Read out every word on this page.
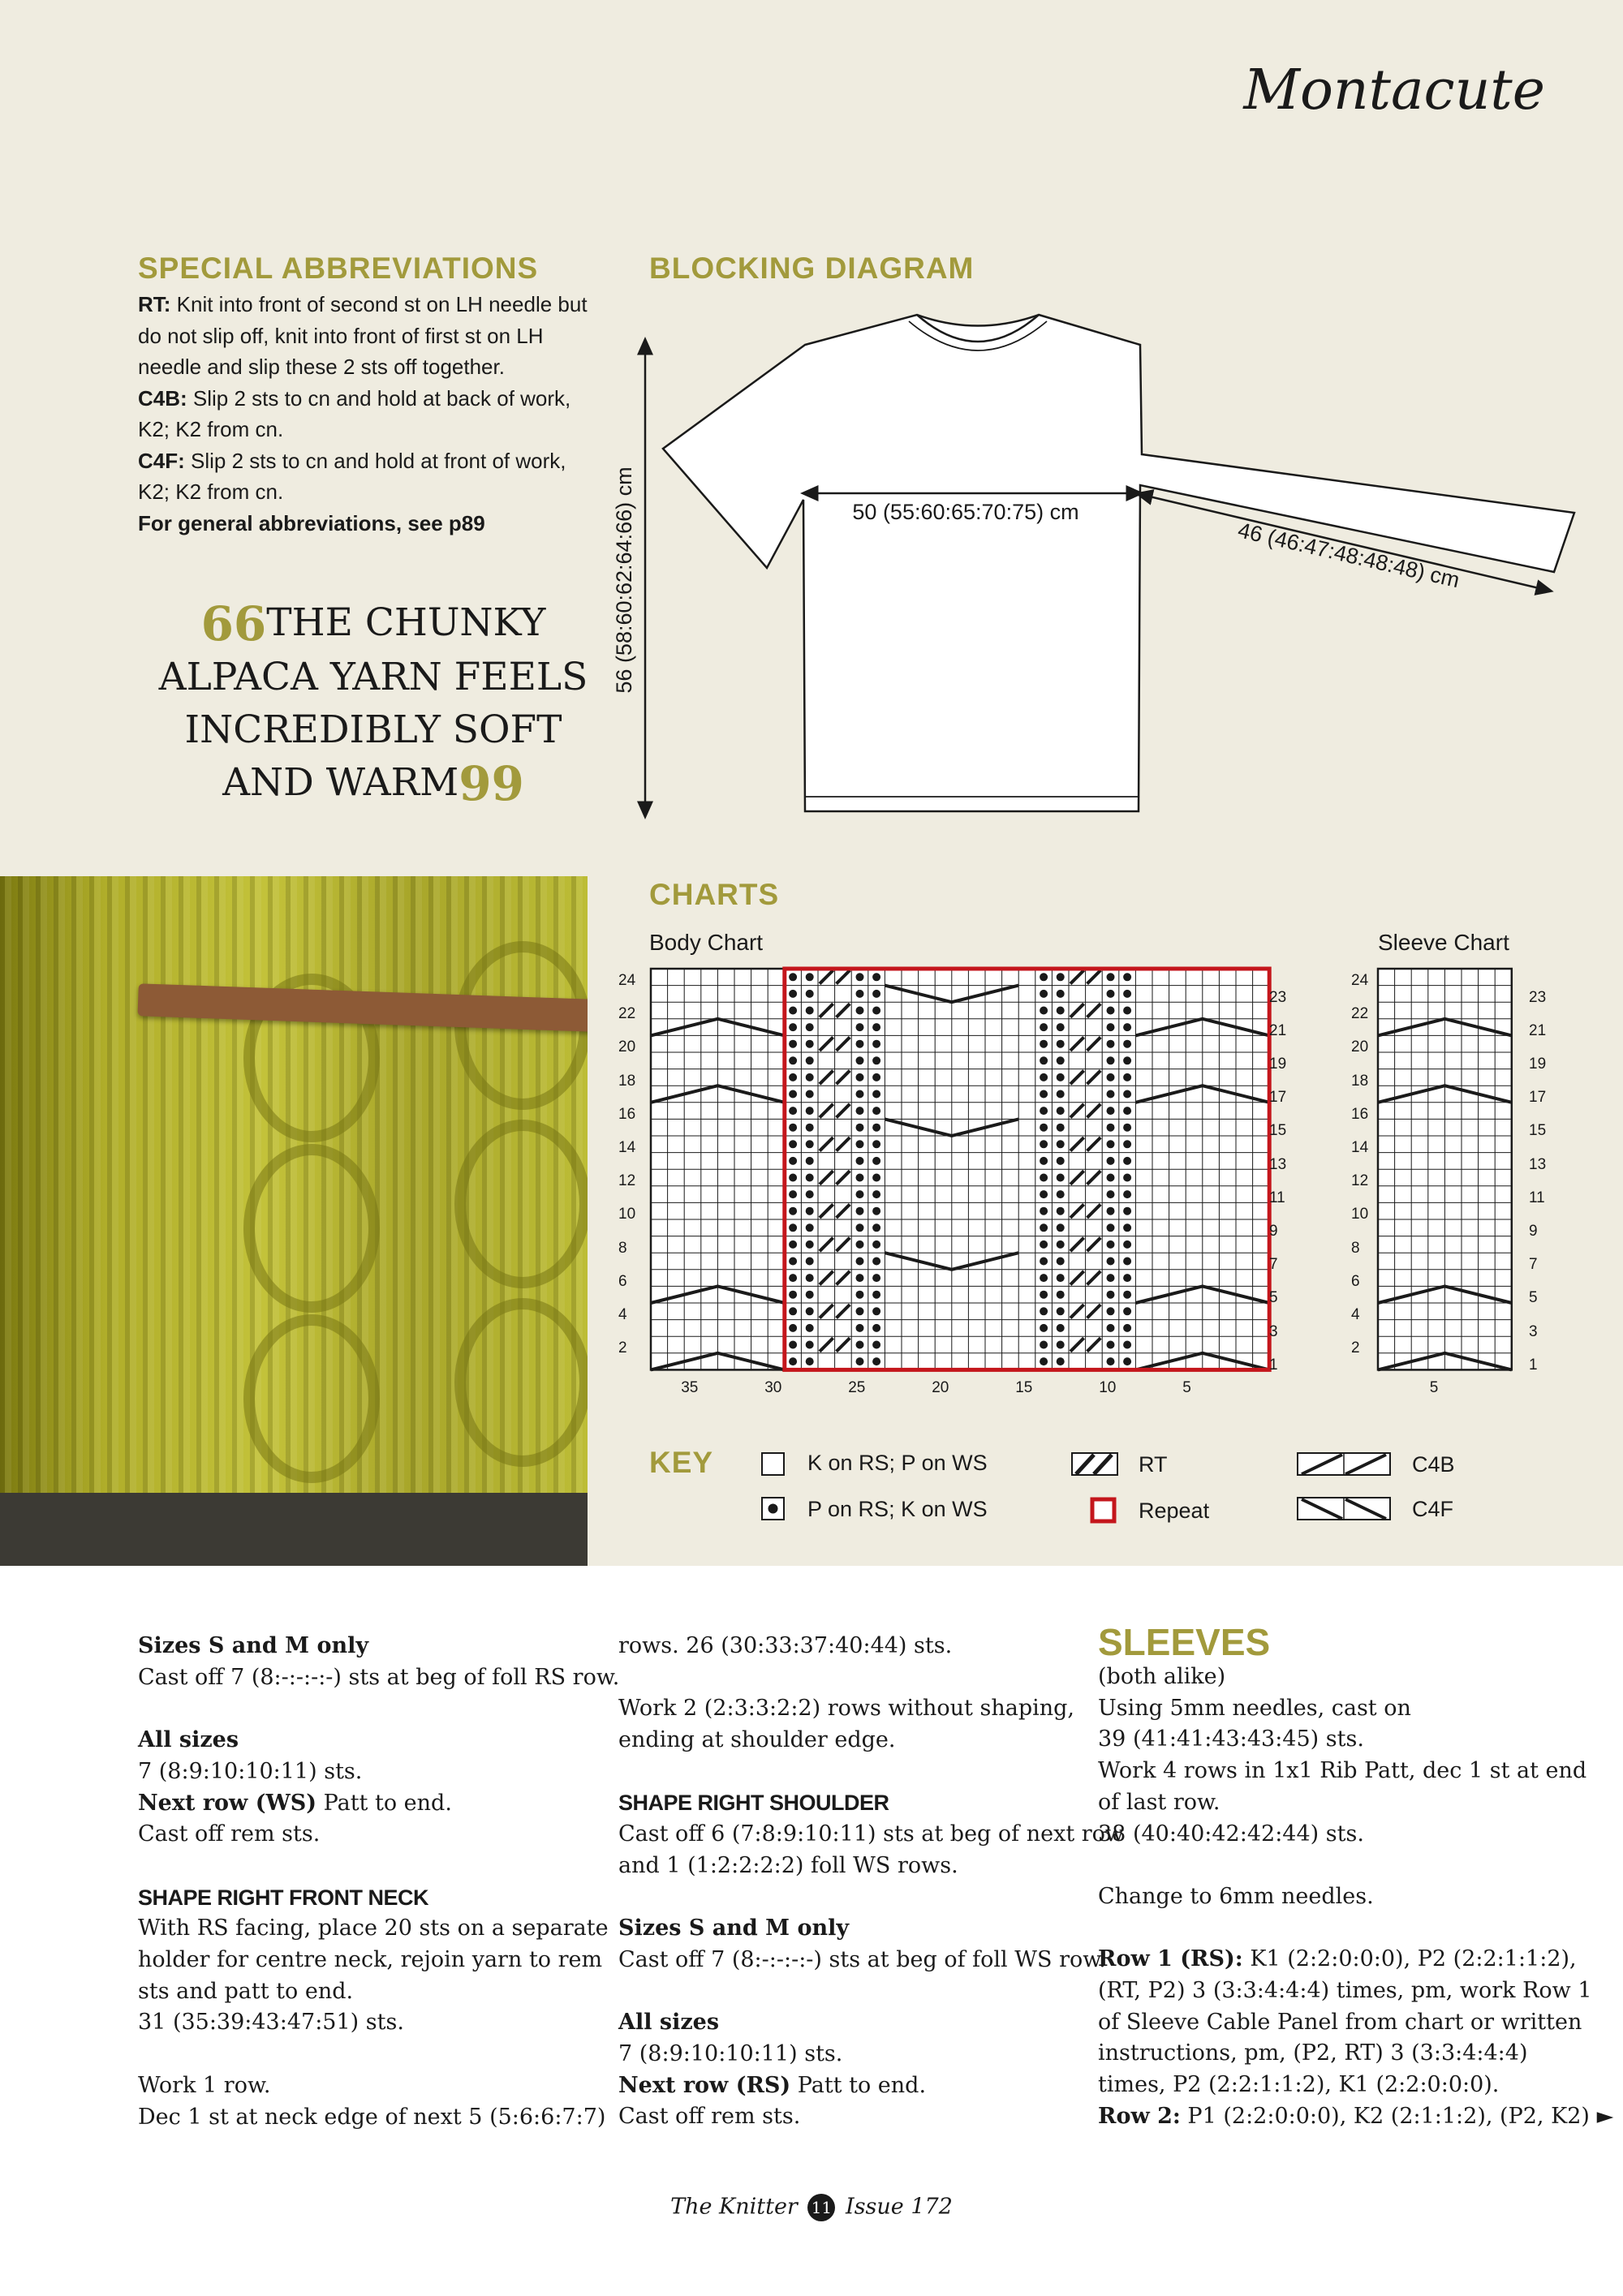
Montacute
SPECIAL ABBREVIATIONS

RT: Knit into front of second st on LH needle but do not slip off, knit into front of first st on LH needle and slip these 2 sts off together.

C4B: Slip 2 sts to cn and hold at back of work, K2; K2 from cn.

C4F: Slip 2 sts to cn and hold at front of work, K2; K2 from cn.

For general abbreviations, see p89

66THE CHUNKY
ALPACA YARN FEELS
INCREDIBLY SOFT
AND WARM99
BLOCKING DIAGRAM
56 (58:60:62:64:66) cm	50 (55:60:65:70:75) cm
46 (46:47:48:48:48) cm
CHARTS
Body Chart	Sleeve Chart
24	24
22	22
20	20
18	18
16	16
14	14
12	12
10	10
8	8
6	6
4	4
2	2
23	23
21	21
19	19
17	17
15	15
13	13
11	11
9	9
7	7
5	5
3	3
1	1
35	30	25	20	15	10	5	5
KEY	K on RS; P on WS
P on RS; K on WS
RT
Repeat
C4B
C4F

Sizes S and M only

Cast off 7 (8:-:-:-:-) sts at beg of foll RS row.

All sizes

7 (8:9:10:10:11) sts.

Next row (WS) Patt to end.

Cast off rem sts.

SHAPE RIGHT FRONT NECK

With RS facing, place 20 sts on a separate

holder for centre neck, rejoin yarn to rem

sts and patt to end.

31 (35:39:43:47:51) sts.

Work 1 row.

Dec 1 st at neck edge of next 5 (5:6:6:7:7)

rows. 26 (30:33:37:40:44) sts.

Work 2 (2:3:3:2:2) rows without shaping,

ending at shoulder edge.

SHAPE RIGHT SHOULDER

Cast off 6 (7:8:9:10:11) sts at beg of next row

and 1 (1:2:2:2:2) foll WS rows.

Sizes S and M only

Cast off 7 (8:-:-:-:-) sts at beg of foll WS row.

All sizes

7 (8:9:10:10:11) sts.

Next row (RS) Patt to end.

Cast off rem sts.

SLEEVES

(both alike)

Using 5mm needles, cast on

39 (41:41:43:43:45) sts.

Work 4 rows in 1x1 Rib Patt, dec 1 st at end

of last row.

38 (40:40:42:42:44) sts.

Change to 6mm needles.

Row 1 (RS): K1 (2:2:0:0:0), P2 (2:2:1:1:2),

(RT, P2) 3 (3:3:4:4:4) times, pm, work Row 1

of Sleeve Cable Panel from chart or written

instructions, pm, (P2, RT) 3 (3:3:4:4:4)

times, P2 (2:2:1:1:2), K1 (2:2:0:0:0).

Row 2: P1 (2:2:0:0:0), K2 (2:1:1:2), (P2, K2) ►

The Knitter 11 Issue 172
